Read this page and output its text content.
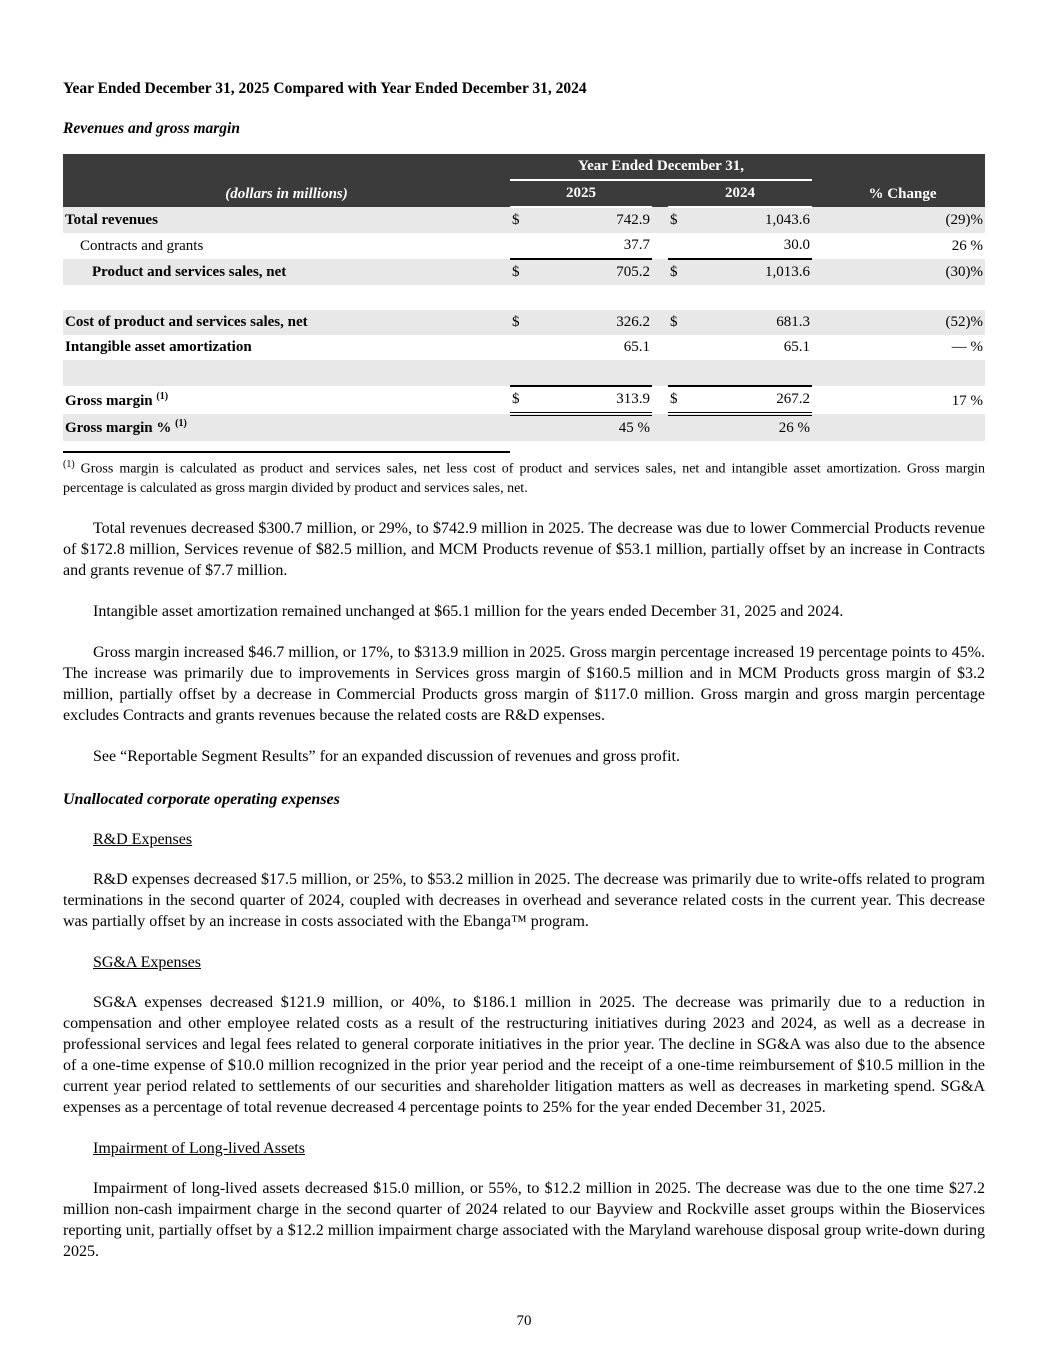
Year Ended December 31, 2025 Compared with Year Ended December 31, 2024

Revenues and gross margin

	Year Ended December 31,						
(dollars in millions)	2025			2024			% Change
Total revenues	$	742.9		$	1,043.6		(29)%
Contracts and grants		37.7			30.0		26 %
Product and services sales, net	$	705.2		$	1,013.6		(30)%

Cost of product and services sales, net	$	326.2		$	681.3		(52)%
Intangible asset amortization		65.1			65.1		— %

Gross margin $^{(1)}$	$	313.9		$	267.2		17 %
Gross margin % $^{(1)}$		45 %			26 %		

$^{(1)}$ Gross margin is calculated as product and services sales, net less cost of product and services sales, net and intangible asset amortization. Gross margin percentage is calculated as gross margin divided by product and services sales, net.

Total revenues decreased $300.7 million, or 29%, to $742.9 million in 2025. The decrease was due to lower Commercial Products revenue of $172.8 million, Services revenue of $82.5 million, and MCM Products revenue of $53.1 million, partially offset by an increase in Contracts and grants revenue of $7.7 million.

Intangible asset amortization remained unchanged at $65.1 million for the years ended December 31, 2025 and 2024.

Gross margin increased $46.7 million, or 17%, to $313.9 million in 2025. Gross margin percentage increased 19 percentage points to 45%. The increase was primarily due to improvements in Services gross margin of $160.5 million and in MCM Products gross margin of $3.2 million, partially offset by a decrease in Commercial Products gross margin of $117.0 million. Gross margin and gross margin percentage excludes Contracts and grants revenues because the related costs are R&D expenses.

See “Reportable Segment Results” for an expanded discussion of revenues and gross profit.

Unallocated corporate operating expenses

R&D Expenses

R&D expenses decreased $17.5 million, or 25%, to $53.2 million in 2025. The decrease was primarily due to write-offs related to program terminations in the second quarter of 2024, coupled with decreases in overhead and severance related costs in the current year. This decrease was partially offset by an increase in costs associated with the Ebanga™ program.

SG&A Expenses

SG&A expenses decreased $121.9 million, or 40%, to $186.1 million in 2025. The decrease was primarily due to a reduction in compensation and other employee related costs as a result of the restructuring initiatives during 2023 and 2024, as well as a decrease in professional services and legal fees related to general corporate initiatives in the prior year. The decline in SG&A was also due to the absence of a one-time expense of $10.0 million recognized in the prior year period and the receipt of a one-time reimbursement of $10.5 million in the current year period related to settlements of our securities and shareholder litigation matters as well as decreases in marketing spend. SG&A expenses as a percentage of total revenue decreased 4 percentage points to 25% for the year ended December 31, 2025.

Impairment of Long-lived Assets

Impairment of long-lived assets decreased $15.0 million, or 55%, to $12.2 million in 2025. The decrease was due to the one time $27.2 million non-cash impairment charge in the second quarter of 2024 related to our Bayview and Rockville asset groups within the Bioservices reporting unit, partially offset by a $12.2 million impairment charge associated with the Maryland warehouse disposal group write-down during 2025.

70
